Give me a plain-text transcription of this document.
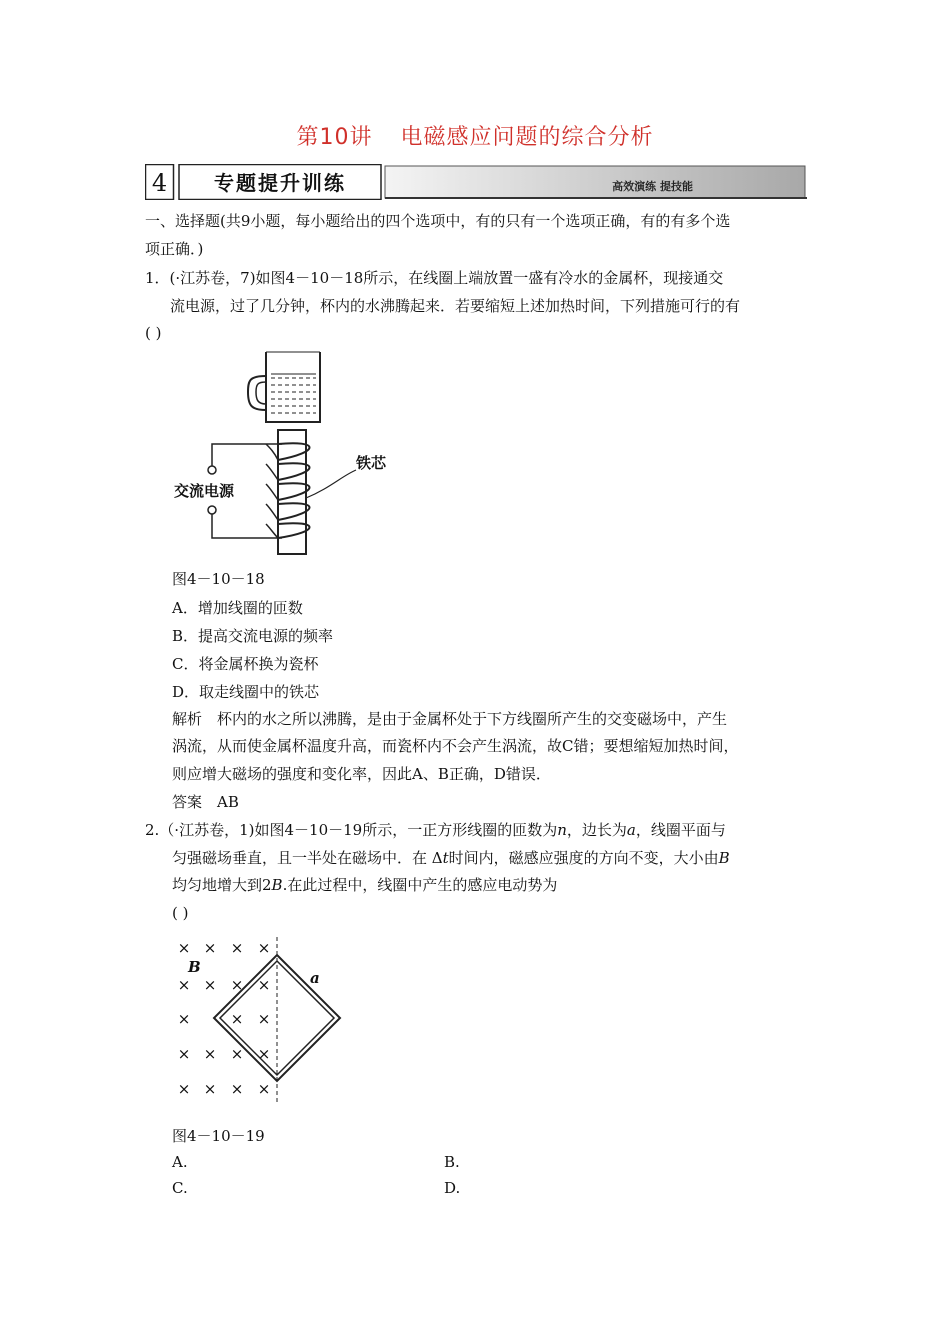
第10讲 电磁感应问题的综合分析
4 专题提升训练	高效演练 提技能
一、选择题(共9小题，每小题给出的四个选项中，有的只有一个选项正确，有的有多个选
项正确．)
1．(·江苏卷，7)如图4－10－18所示，在线圈上端放置一盛有冷水的金属杯，现接通交
流电源，过了几分钟，杯内的水沸腾起来．若要缩短上述加热时间，下列措施可行的有
( )
铁芯
交流电源
图4－10－18
A．增加线圈的匝数
B．提高交流电源的频率
C．将金属杯换为瓷杯
D．取走线圈中的铁芯
解析　杯内的水之所以沸腾，是由于金属杯处于下方线圈所产生的交变磁场中，产生
涡流，从而使金属杯温度升高，而瓷杯内不会产生涡流，故C错；要想缩短加热时间，
则应增大磁场的强度和变化率，因此A、B正确，D错误．
答案　AB
2.（·江苏卷，1)如图4－10－19所示，一正方形线圈的匝数为n，边长为a，线圈平面与
匀强磁场垂直，且一半处在磁场中．在 Δt时间内，磁感应强度的方向不变，大小由B
均匀地增大到2B.在此过程中，线圈中产生的感应电动势为
( )
× × × ×
× × × ×
×	× ×
× × × ×
× × × ×
B
a
图4－10－19
A.	B.
C.	D.
